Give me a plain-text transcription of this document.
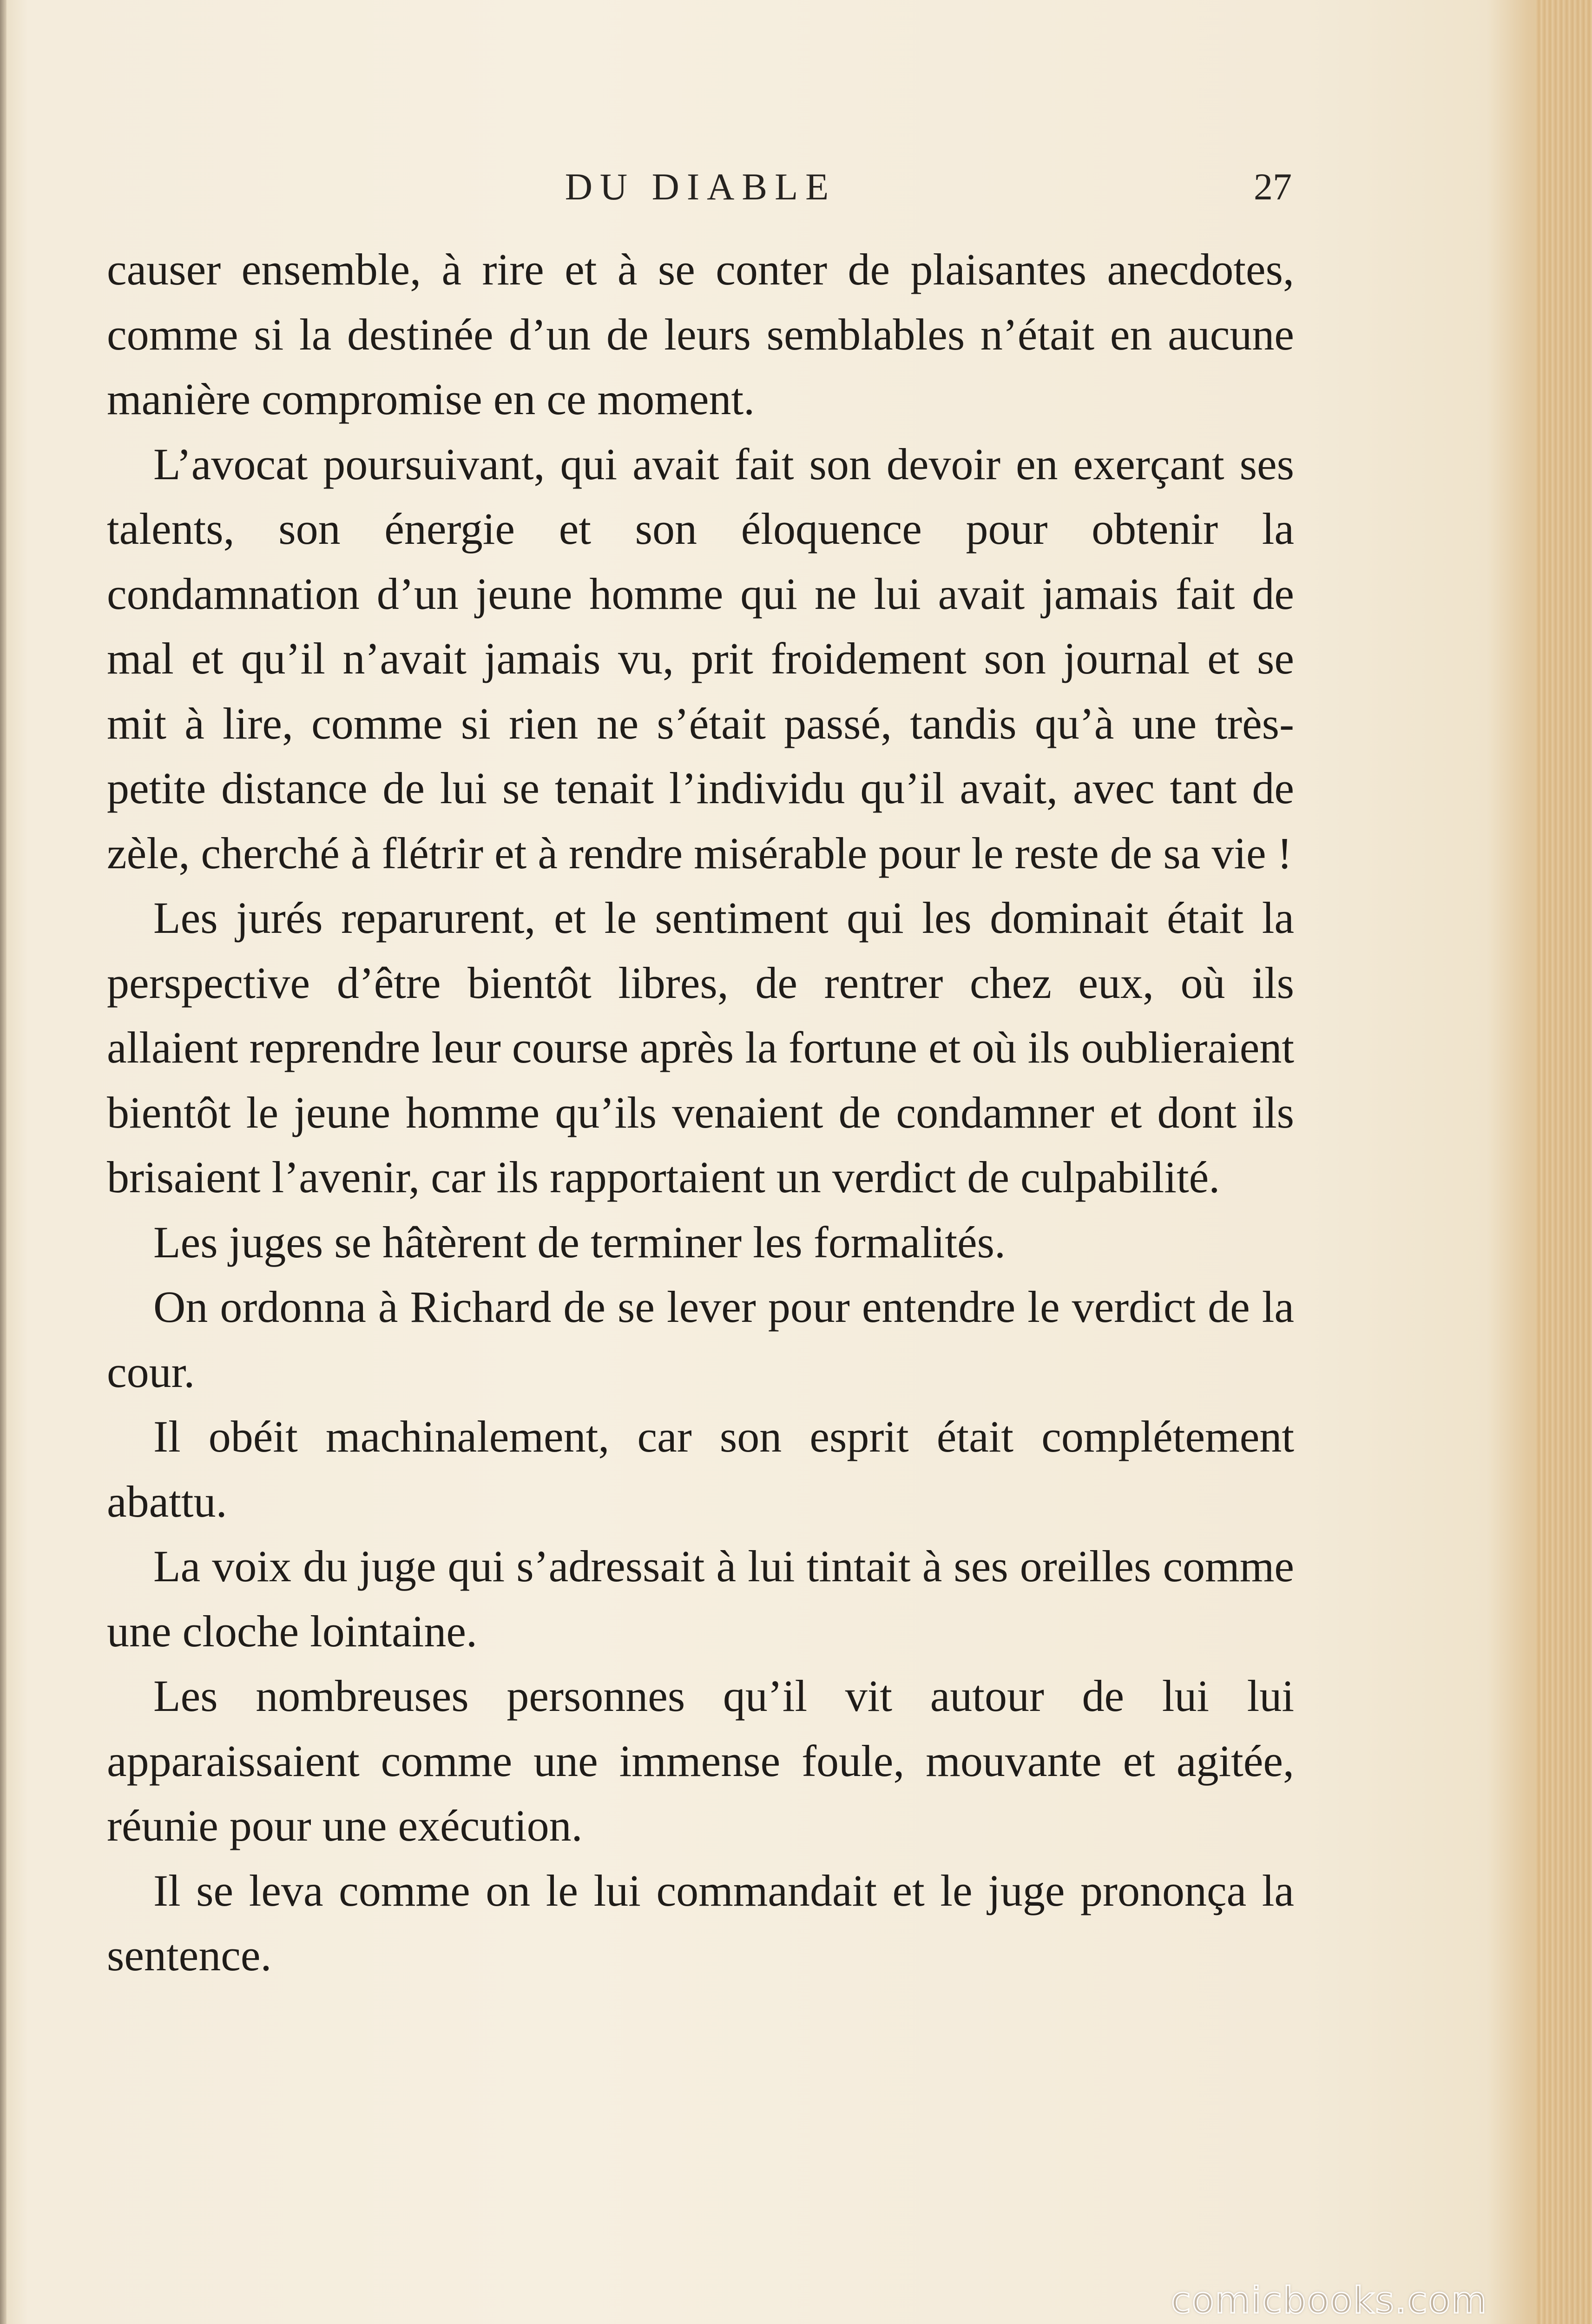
DU DIABLE	27

causer ensemble, à rire et à se conter de plaisantes anecdotes, comme si la destinée d’un de leurs semblables n’était en aucune manière compromise en ce moment.

L’avocat poursuivant, qui avait fait son devoir en exerçant ses talents, son énergie et son éloquence pour obtenir la condamnation d’un jeune homme qui ne lui avait jamais fait de mal et qu’il n’avait jamais vu, prit froidement son journal et se mit à lire, comme si rien ne s’était passé, tandis qu’à une très-petite distance de lui se tenait l’individu qu’il avait, avec tant de zèle, cherché à flétrir et à rendre misérable pour le reste de sa vie !

Les jurés reparurent, et le sentiment qui les dominait était la perspective d’être bientôt libres, de rentrer chez eux, où ils allaient reprendre leur course après la fortune et où ils oublieraient bientôt le jeune homme qu’ils venaient de condamner et dont ils brisaient l’avenir, car ils rapportaient un verdict de culpabilité.

Les juges se hâtèrent de terminer les formalités.

On ordonna à Richard de se lever pour entendre le verdict de la cour.

Il obéit machinalement, car son esprit était complétement abattu.

La voix du juge qui s’adressait à lui tintait à ses oreilles comme une cloche lointaine.

Les nombreuses personnes qu’il vit autour de lui lui apparaissaient comme une immense foule, mouvante et agitée, réunie pour une exécution.

Il se leva comme on le lui commandait et le juge prononça la sentence.

comicbooks.com
